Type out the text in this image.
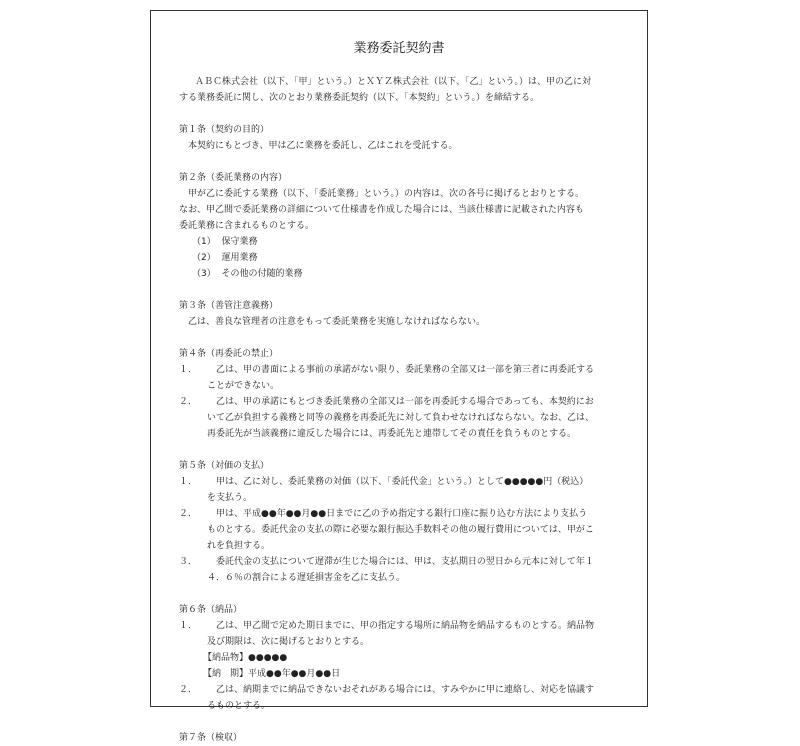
業務委託契約書
ＡＢＣ株式会社（以下、「甲」という。）とＸＹＺ株式会社（以下、「乙」という。）は、甲の乙に対
する業務委託に関し、次のとおり業務委託契約（以下、「本契約」という。）を締結する。
第１条（契約の目的）
本契約にもとづき、甲は乙に業務を委託し、乙はこれを受託する。
第２条（委託業務の内容）
甲が乙に委託する業務（以下、「委託業務」という。）の内容は、次の各号に掲げるとおりとする。
なお、甲乙間で委託業務の詳細について仕様書を作成した場合には、当該仕様書に記載された内容も
委託業務に含まれるものとする。
（1） 保守業務
（2） 運用業務
（3） その他の付随的業務
第３条（善管注意義務）
乙は、善良な管理者の注意をもって委託業務を実施しなければならない。
第４条（再委託の禁止）
１．	乙は、甲の書面による事前の承諾がない限り、委託業務の全部又は一部を第三者に再委託する
ことができない。
２．	乙は、甲の承諾にもとづき委託業務の全部又は一部を再委託する場合であっても、本契約にお
いて乙が負担する義務と同等の義務を再委託先に対して負わせなければならない。なお、乙は、
再委託先が当該義務に違反した場合には、再委託先と連帯してその責任を負うものとする。
第５条（対価の支払）
１．	甲は、乙に対し、委託業務の対価（以下、「委託代金」という。）として●●●●●円（税込）
を支払う。
２．	甲は、平成●●年●●月●●日までに乙の予め指定する銀行口座に振り込む方法により支払う
ものとする。委託代金の支払の際に必要な銀行振込手数料その他の履行費用については、甲がこ
れを負担する。
３．	委託代金の支払について遅滞が生じた場合には、甲は、支払期日の翌日から元本に対して年１
４．６％の割合による遅延損害金を乙に支払う。
第６条（納品）
１．	乙は、甲乙間で定めた期日までに、甲の指定する場所に納品物を納品するものとする。納品物
及び期限は、次に掲げるとおりとする。
【納品物】●●●●●
【納　期】平成●●年●●月●●日
２．	乙は、納期までに納品できないおそれがある場合には、すみやかに甲に連絡し、対応を協議す
るものとする。
第７条（検収）
